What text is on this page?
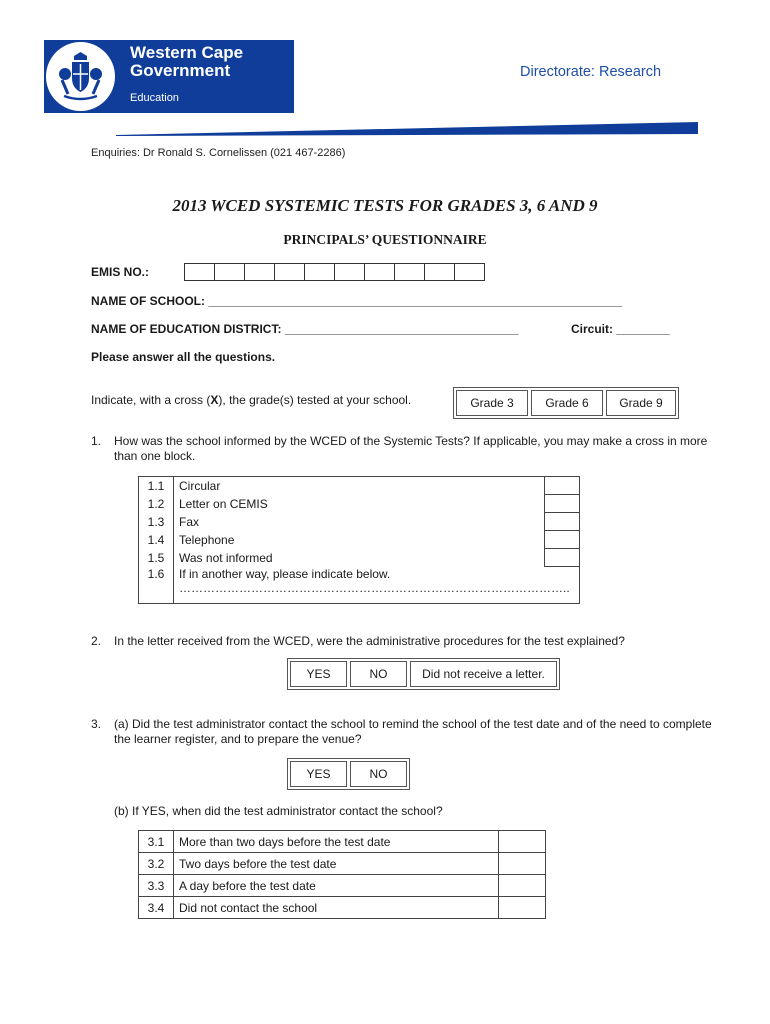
Western Cape
Government
Education
Directorate: Research
Enquiries: Dr Ronald S. Cornelissen (021 467-2286)
2013 WCED SYSTEMIC TESTS FOR GRADES 3, 6 AND 9
PRINCIPALS’ QUESTIONNAIRE
EMIS NO.:
NAME OF SCHOOL: ______________________________________________________________
NAME OF EDUCATION DISTRICT: ___________________________________	Circuit: ________
Please answer all the questions.
Indicate, with a cross (X), the grade(s) tested at your school.	Grade 3	Grade 6	Grade 9
1. How was the school informed by the WCED of the Systemic Tests? If applicable, you may make a cross in more than one block.
1.1	Circular	
1.2	Letter on CEMIS	
1.3	Fax	
1.4	Telephone	
1.5	Was not informed	
1.6	If in another way, please indicate below.
……………………………………………………………………………………..	
2. In the letter received from the WCED, were the administrative procedures for the test explained?
YES	NO	Did not receive a letter.
3. (a) Did the test administrator contact the school to remind the school of the test date and of the need to complete the learner register, and to prepare the venue?
YES	NO
(b) If YES, when did the test administrator contact the school?
3.1	More than two days before the test date	
3.2	Two days before the test date	
3.3	A day before the test date	
3.4	Did not contact the school	
